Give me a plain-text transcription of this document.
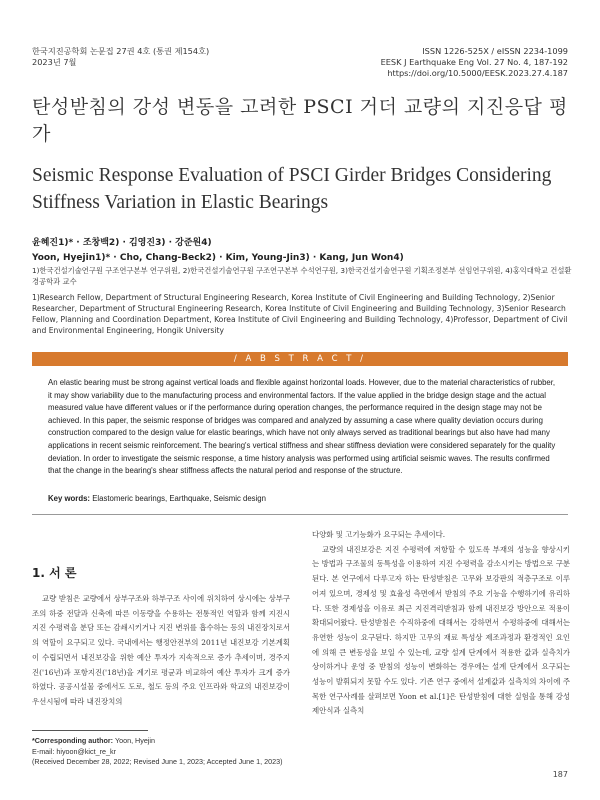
한국지진공학회 논문집 27권 4호 (통권 제154호)
2023년 7월
ISSN 1226-525X / eISSN 2234-1099
EESK J Earthquake Eng Vol. 27 No. 4, 187-192
https://doi.org/10.5000/EESK.2023.27.4.187
탄성받침의 강성 변동을 고려한 PSCI 거더 교량의 지진응답 평가
Seismic Response Evaluation of PSCI Girder Bridges Considering Stiffness Variation in Elastic Bearings
윤혜진1)* · 조창백2) · 김영진3) · 강준원4)
Yoon, Hyejin1)* · Cho, Chang-Beck2) · Kim, Young-Jin3) · Kang, Jun Won4)
1)한국건설기술연구원 구조연구본부 연구위원, 2)한국건설기술연구원 구조연구본부 수석연구원, 3)한국건설기술연구원 기획조정본부 선임연구위원, 4)홍익대학교 건설환경공학과 교수
1)Research Fellow, Department of Structural Engineering Research, Korea Institute of Civil Engineering and Building Technology, 2)Senior Researcher, Department of Structural Engineering Research, Korea Institute of Civil Engineering and Building Technology, 3)Senior Research Fellow, Planning and Coordination Department, Korea Institute of Civil Engineering and Building Technology, 4)Professor, Department of Civil and Environmental Engineering, Hongik University
/ A B S T R A C T /
An elastic bearing must be strong against vertical loads and flexible against horizontal loads. However, due to the material characteristics of rubber, it may show variability due to the manufacturing process and environmental factors. If the value applied in the bridge design stage and the actual measured value have different values or if the performance during operation changes, the performance required in the design stage may not be achieved. In this paper, the seismic response of bridges was compared and analyzed by assuming a case where quality deviation occurs during construction compared to the design value for elastic bearings, which have not only always served as traditional bearings but also have had many applications in recent seismic reinforcement. The bearing's vertical stiffness and shear stiffness deviation were considered separately for the quality deviation. In order to investigate the seismic response, a time history analysis was performed using artificial seismic waves. The results confirmed that the change in the bearing's shear stiffness affects the natural period and response of the structure.
Key words: Elastomeric bearings, Earthquake, Seismic design
1. 서 론

교량 받침은 교량에서 상부구조와 하부구조 사이에 위치하여 상시에는 상부구조의 하중 전달과 신축에 따른 이동량을 수용하는 전통적인 역할과 함께 지진시 지진 수평력을 분담 또는 감쇄시키거나 지진 변위를 흡수하는 등의 내진장치로서의 역할이 요구되고 있다. 국내에서는 행정안전부의 2011년 내진보강 기본계획이 수립되면서 내진보강을 위한 예산 투자가 지속적으로 증가 추세이며, 경주지진('16년)과 포항지진('18년)을 계기로 평균과 비교하여 예산 투자가 크게 증가하였다. 공공시설물 중에서도 도로, 철도 등의 주요 인프라와 학교의 내진보강이 우선시됨에 따라 내진장치의

다양화 및 고기능화가 요구되는 추세이다.

교량의 내진보강은 지진 수평력에 저항할 수 있도록 부재의 성능을 향상시키는 방법과 구조물의 동특성을 이용하여 지진 수평력을 감소시키는 방법으로 구분된다. 본 연구에서 다루고자 하는 탄성받침은 고무와 보강판의 적층구조로 이루어져 있으며, 경제성 및 효율성 측면에서 받침의 주요 기능을 수행하기에 유리하다. 또한 경제성을 이유로 최근 지진격리받침과 함께 내진보강 방안으로 적용이 확대되어왔다. 탄성받침은 수직하중에 대해서는 강하면서 수평하중에 대해서는 유연한 성능이 요구된다. 하지만 고무의 재료 특성상 제조과정과 환경적인 요인에 의해 큰 변동성을 보일 수 있는데, 교량 설계 단계에서 적용한 값과 실측치가 상이하거나 운영 중 받침의 성능이 변화하는 경우에는 설계 단계에서 요구되는 성능이 발휘되지 못할 수도 있다. 기존 연구 중에서 설계값과 실측치의 차이에 주목한 연구사례를 살펴보면 Yoon et al.[1]은 탄성받침에 대한 실험을 통해 강성 제안식과 실측치

*Corresponding author: Yoon, Hyejin
E-mail: hiyoon@kict_re_kr
(Received December 28, 2022; Revised June 1, 2023; Accepted June 1, 2023)
187
